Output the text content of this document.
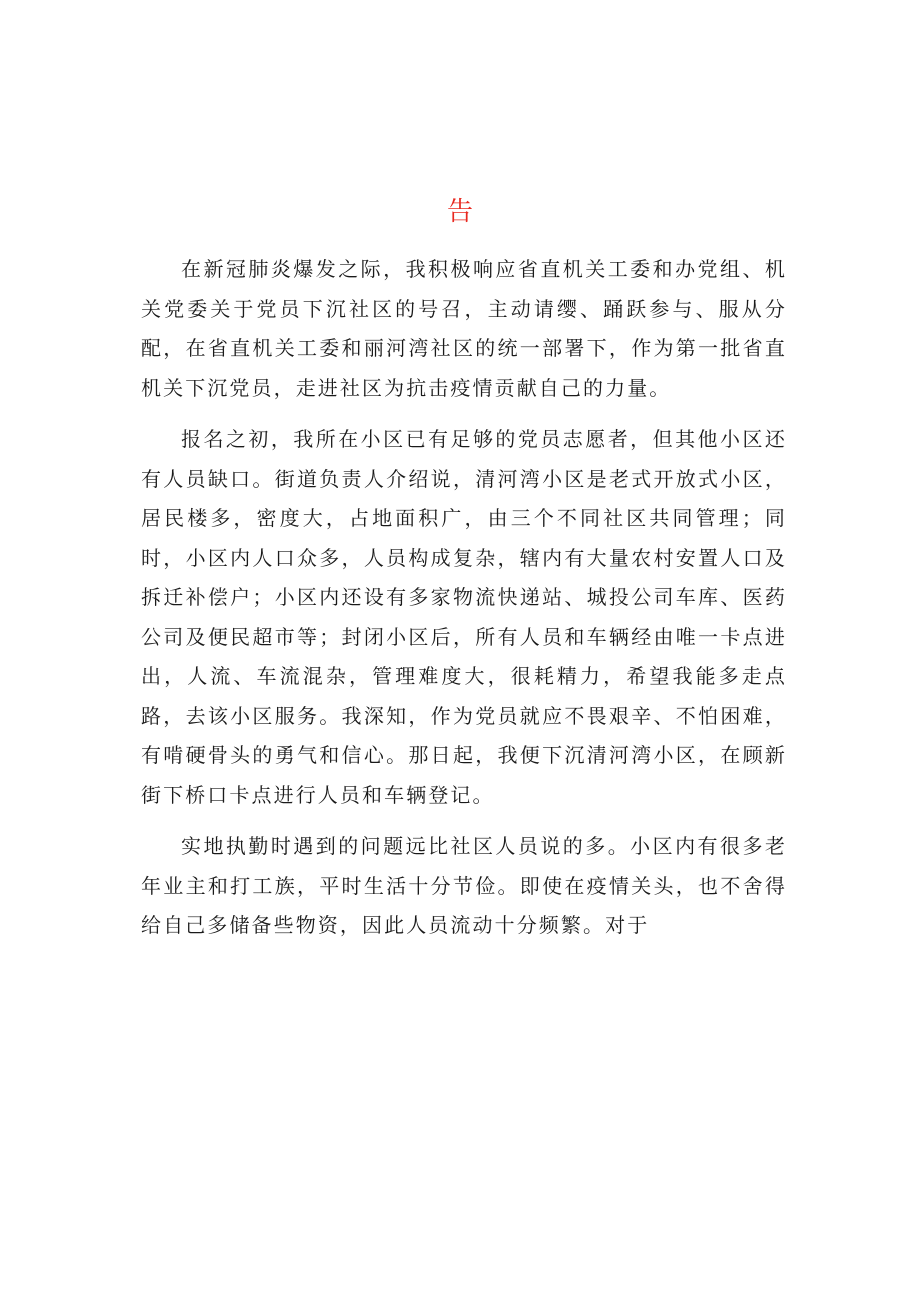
告

在新冠肺炎爆发之际，我积极响应省直机关工委和办党组、机关党委关于党员下沉社区的号召，主动请缨、踊跃参与、服从分配，在省直机关工委和丽河湾社区的统一部署下，作为第一批省直机关下沉党员，走进社区为抗击疫情贡献自己的力量。

报名之初，我所在小区已有足够的党员志愿者，但其他小区还有人员缺口。街道负责人介绍说，清河湾小区是老式开放式小区，居民楼多，密度大，占地面积广，由三个不同社区共同管理；同时，小区内人口众多，人员构成复杂，辖内有大量农村安置人口及拆迁补偿户；小区内还设有多家物流快递站、城投公司车库、医药公司及便民超市等；封闭小区后，所有人员和车辆经由唯一卡点进出，人流、车流混杂，管理难度大，很耗精力，希望我能多走点路，去该小区服务。我深知，作为党员就应不畏艰辛、不怕困难，有啃硬骨头的勇气和信心。那日起，我便下沉清河湾小区，在顾新街下桥口卡点进行人员和车辆登记。

实地执勤时遇到的问题远比社区人员说的多。小区内有很多老年业主和打工族，平时生活十分节俭。即使在疫情关头，也不舍得给自己多储备些物资，因此人员流动十分频繁。对于
